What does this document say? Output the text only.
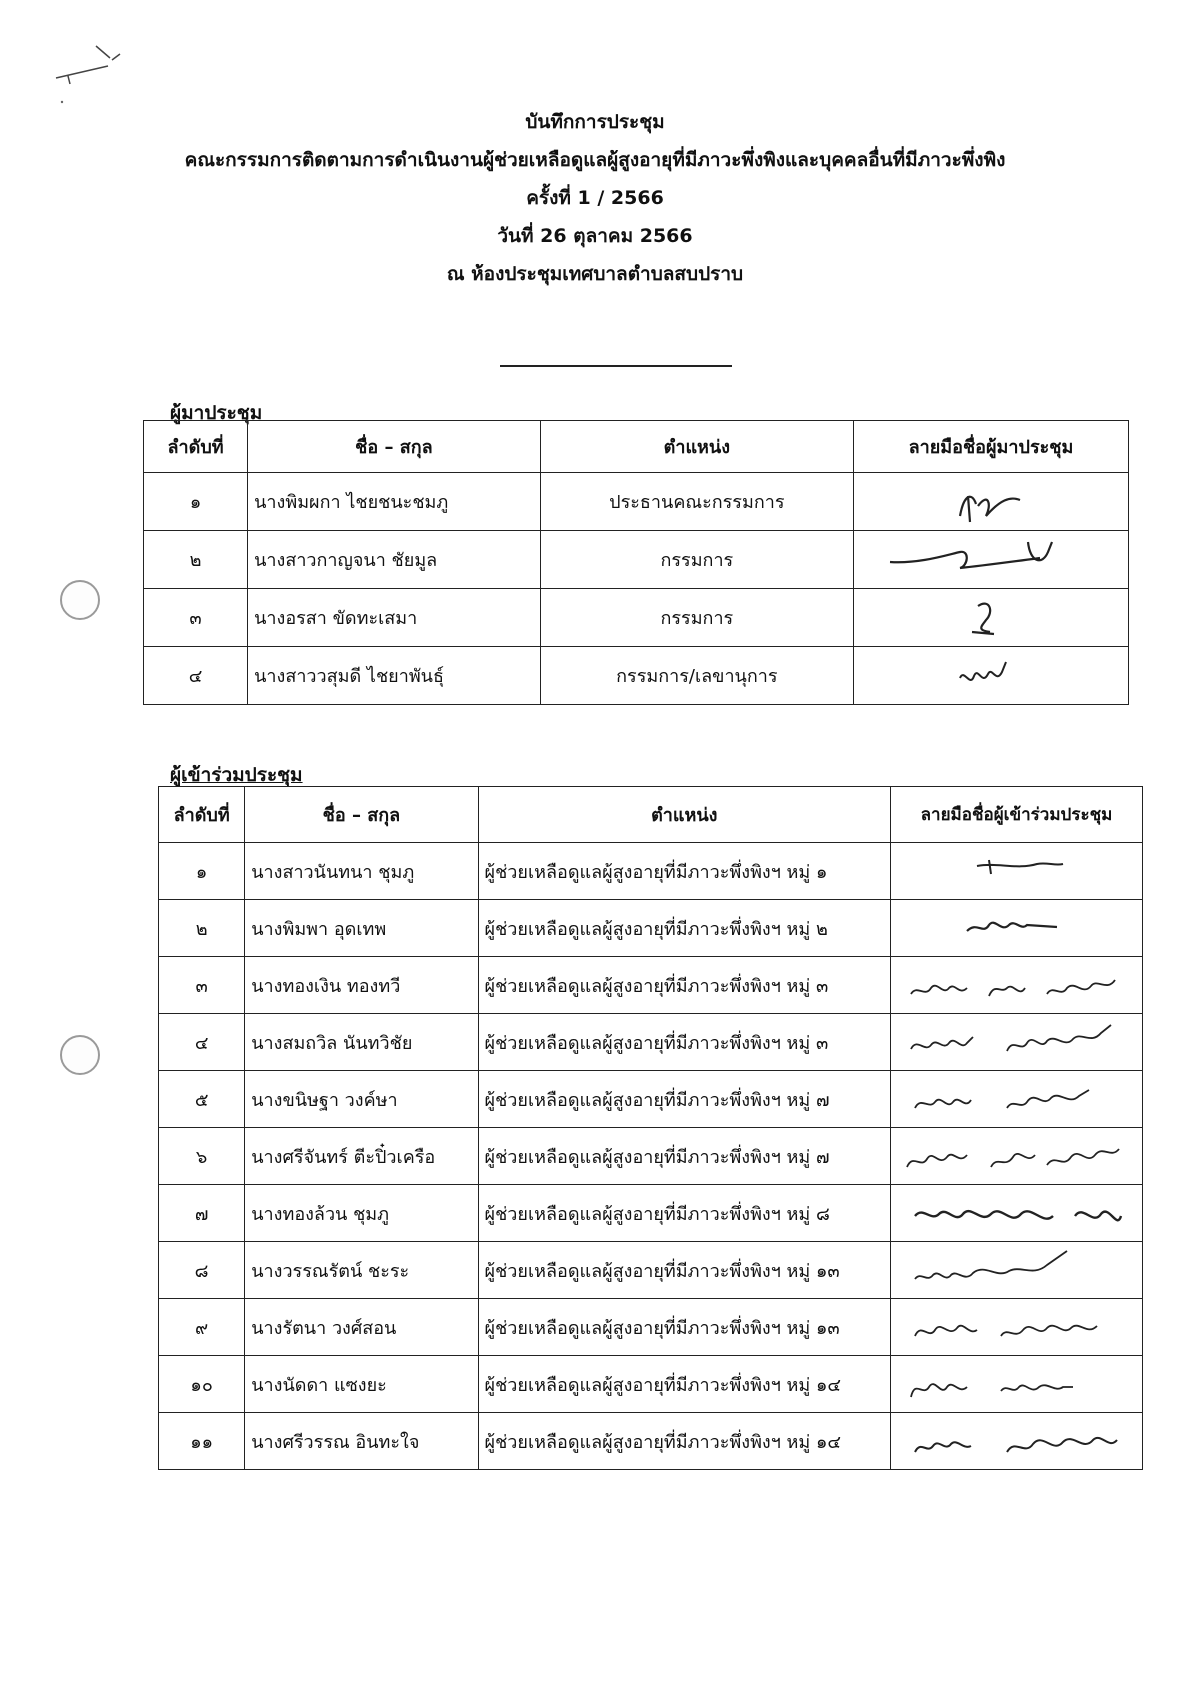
บันทึกการประชุม
คณะกรรมการติดตามการดำเนินงานผู้ช่วยเหลือดูแลผู้สูงอายุที่มีภาวะพึ่งพิงและบุคคลอื่นที่มีภาวะพึ่งพิง
ครั้งที่ 1 / 2566
วันที่ 26 ตุลาคม 2566
ณ ห้องประชุมเทศบาลตำบลสบปราบ
ผู้มาประชุม
ลำดับที่	ชื่อ – สกุล	ตำแหน่ง	ลายมือชื่อผู้มาประชุม
๑	นางพิมผกา ไชยชนะชมภู	ประธานคณะกรรมการ	

๒	นางสาวกาญจนา ชัยมูล	กรรมการ	

๓	นางอรสา ขัดทะเสมา	กรรมการ	

๔	นางสาววสุมดี ไชยาพันธุ์	กรรมการ/เลขานุการ	
ผู้เข้าร่วมประชุม
ลำดับที่	ชื่อ – สกุล	ตำแหน่ง	ลายมือชื่อผู้เข้าร่วมประชุม
๑	นางสาวนันทนา ชุมภู	ผู้ช่วยเหลือดูแลผู้สูงอายุที่มีภาวะพึ่งพิงฯ หมู่ ๑	

๒	นางพิมพา อุดเทพ	ผู้ช่วยเหลือดูแลผู้สูงอายุที่มีภาวะพึ่งพิงฯ หมู่ ๒	

๓	นางทองเงิน ทองทวี	ผู้ช่วยเหลือดูแลผู้สูงอายุที่มีภาวะพึ่งพิงฯ หมู่ ๓	

๔	นางสมถวิล นันทวิชัย	ผู้ช่วยเหลือดูแลผู้สูงอายุที่มีภาวะพึ่งพิงฯ หมู่ ๓	

๕	นางขนิษฐา วงค์ษา	ผู้ช่วยเหลือดูแลผู้สูงอายุที่มีภาวะพึ่งพิงฯ หมู่ ๗	

๖	นางศรีจันทร์ ตีะปิ๋วเครือ	ผู้ช่วยเหลือดูแลผู้สูงอายุที่มีภาวะพึ่งพิงฯ หมู่ ๗	

๗	นางทองล้วน ชุมภู	ผู้ช่วยเหลือดูแลผู้สูงอายุที่มีภาวะพึ่งพิงฯ หมู่ ๘	

๘	นางวรรณรัตน์ ชะระ	ผู้ช่วยเหลือดูแลผู้สูงอายุที่มีภาวะพึ่งพิงฯ หมู่ ๑๓	

๙	นางรัตนา วงศ์สอน	ผู้ช่วยเหลือดูแลผู้สูงอายุที่มีภาวะพึ่งพิงฯ หมู่ ๑๓	

๑๐	นางนัดดา แซงยะ	ผู้ช่วยเหลือดูแลผู้สูงอายุที่มีภาวะพึ่งพิงฯ หมู่ ๑๔	

๑๑	นางศรีวรรณ อินทะใจ	ผู้ช่วยเหลือดูแลผู้สูงอายุที่มีภาวะพึ่งพิงฯ หมู่ ๑๔	
